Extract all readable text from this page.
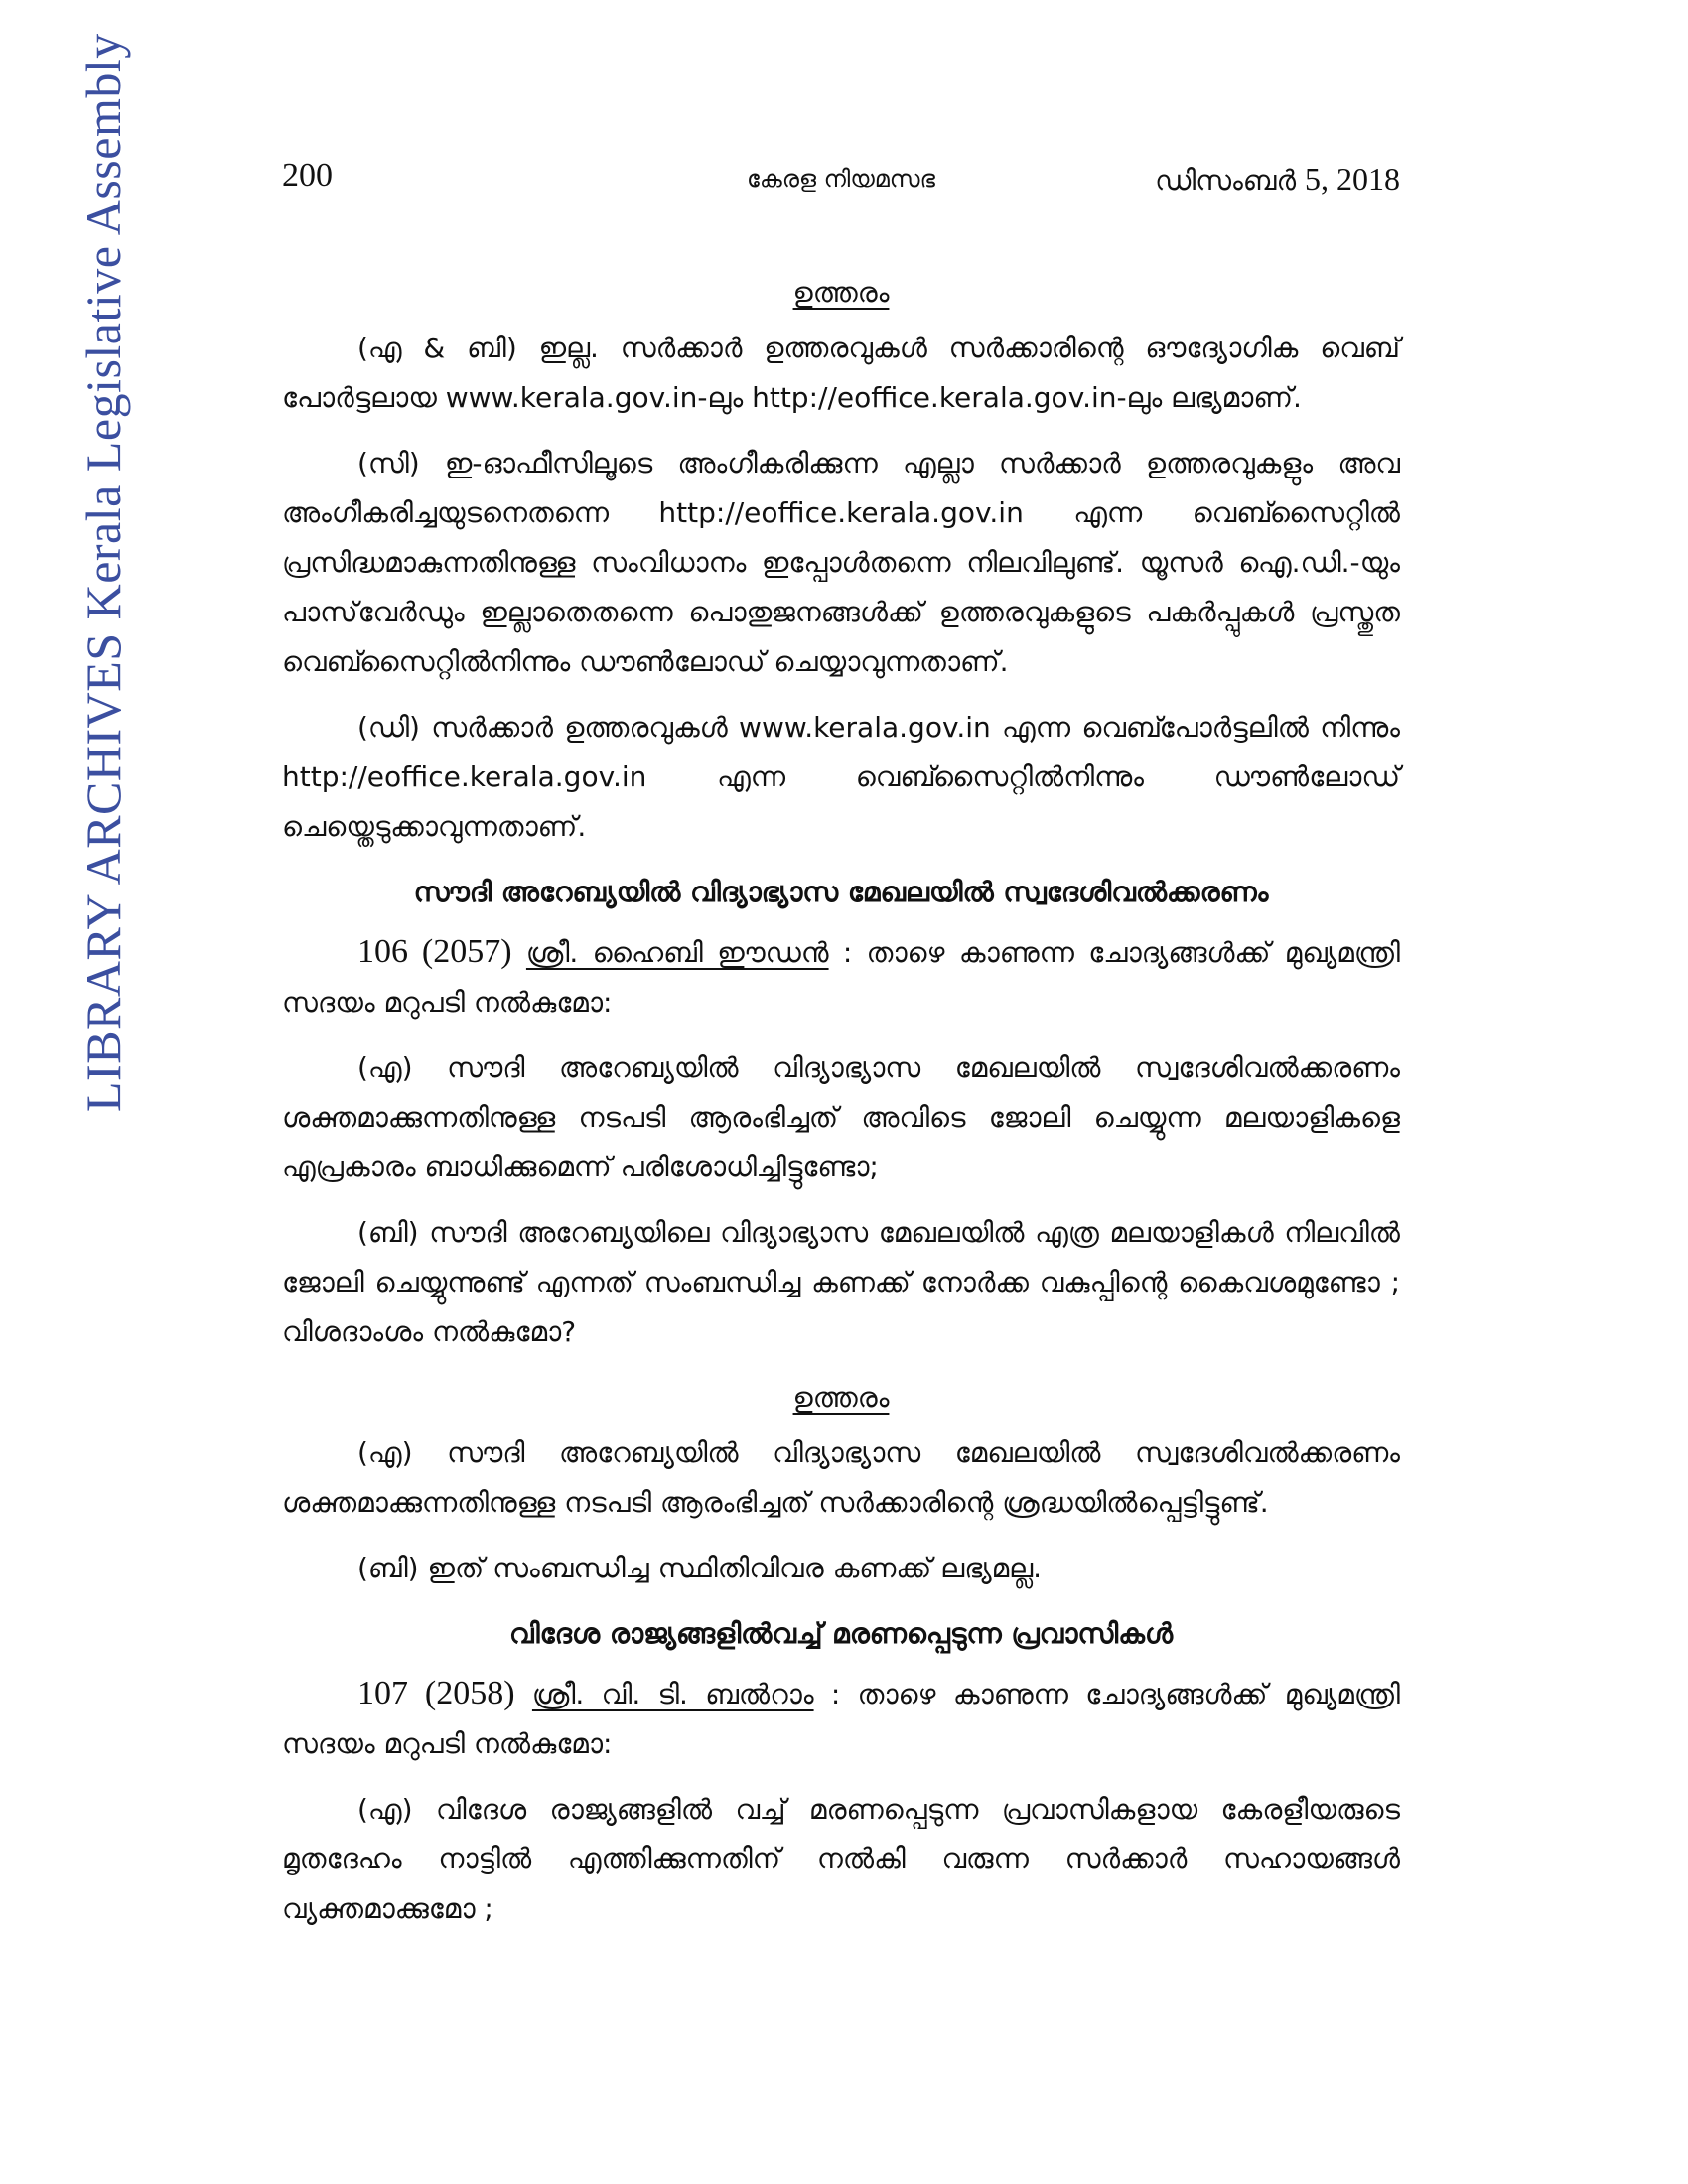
LIBRARY ARCHIVES Kerala Legislative Assembly	200	കേരള നിയമസഭ	ഡിസംബർ 5, 2018

ഉത്തരം

(എ & ബി) ഇല്ല. സർക്കാർ ഉത്തരവുകൾ സർക്കാരിന്റെ ഔദ്യോഗിക വെബ് പോർട്ടലായ www.kerala.gov.in-ലും http://eoffice.kerala.gov.in-ലും ലഭ്യമാണ്.

(സി) ഇ-ഓഫീസിലൂടെ അംഗീകരിക്കുന്ന എല്ലാ സർക്കാർ ഉത്തരവുകളും അവ അംഗീകരിച്ചയുടനെതന്നെ http://eoffice.kerala.gov.in എന്ന വെബ്സൈറ്റിൽ പ്രസിദ്ധമാകുന്നതിനുള്ള സംവിധാനം ഇപ്പോൾതന്നെ നിലവിലുണ്ട്. യൂസർ ഐ.ഡി.-യും പാസ്‌വേർഡും ഇല്ലാതെതന്നെ പൊതുജനങ്ങൾക്ക് ഉത്തരവുകളുടെ പകർപ്പുകൾ പ്രസ്തുത വെബ്സൈറ്റിൽനിന്നും ഡൗൺലോഡ് ചെയ്യാവുന്നതാണ്.

(ഡി) സർക്കാർ ഉത്തരവുകൾ www.kerala.gov.in എന്ന വെബ്പോർട്ടലിൽ നിന്നും http://eoffice.kerala.gov.in എന്ന വെബ്സൈറ്റിൽനിന്നും ഡൗൺലോഡ് ചെയ്തെടുക്കാവുന്നതാണ്.

സൗദി അറേബ്യയിൽ വിദ്യാഭ്യാസ മേഖലയിൽ സ്വദേശിവൽക്കരണം

106 (2057) ശ്രീ. ഹൈബി ഈഡൻ : താഴെ കാണുന്ന ചോദ്യങ്ങൾക്ക് മുഖ്യമന്ത്രി സദയം മറുപടി നൽകുമോ:

(എ) സൗദി അറേബ്യയിൽ വിദ്യാഭ്യാസ മേഖലയിൽ സ്വദേശിവൽക്കരണം ശക്തമാക്കുന്നതിനുള്ള നടപടി ആരംഭിച്ചത് അവിടെ ജോലി ചെയ്യുന്ന മലയാളികളെ എപ്രകാരം ബാധിക്കുമെന്ന് പരിശോധിച്ചിട്ടുണ്ടോ;

(ബി) സൗദി അറേബ്യയിലെ വിദ്യാഭ്യാസ മേഖലയിൽ എത്ര മലയാളികൾ നിലവിൽ ജോലി ചെയ്യുന്നുണ്ട് എന്നത് സംബന്ധിച്ച കണക്ക് നോർക്ക വകുപ്പിന്റെ കൈവശമുണ്ടോ ; വിശദാംശം നൽകുമോ?

ഉത്തരം

(എ) സൗദി അറേബ്യയിൽ വിദ്യാഭ്യാസ മേഖലയിൽ സ്വദേശിവൽക്കരണം ശക്തമാക്കുന്നതിനുള്ള നടപടി ആരംഭിച്ചത് സർക്കാരിന്റെ ശ്രദ്ധയിൽപ്പെട്ടിട്ടുണ്ട്.

(ബി) ഇത് സംബന്ധിച്ച സ്ഥിതിവിവര കണക്ക് ലഭ്യമല്ല.

വിദേശ രാജ്യങ്ങളിൽവച്ച് മരണപ്പെടുന്ന പ്രവാസികൾ

107 (2058) ശ്രീ. വി. ടി. ബൽറാം : താഴെ കാണുന്ന ചോദ്യങ്ങൾക്ക് മുഖ്യമന്ത്രി സദയം മറുപടി നൽകുമോ:

(എ) വിദേശ രാജ്യങ്ങളിൽ വച്ച് മരണപ്പെടുന്ന പ്രവാസികളായ കേരളീയരുടെ മൃതദേഹം നാട്ടിൽ എത്തിക്കുന്നതിന് നൽകി വരുന്ന സർക്കാർ സഹായങ്ങൾ വ്യക്തമാക്കുമോ ;
